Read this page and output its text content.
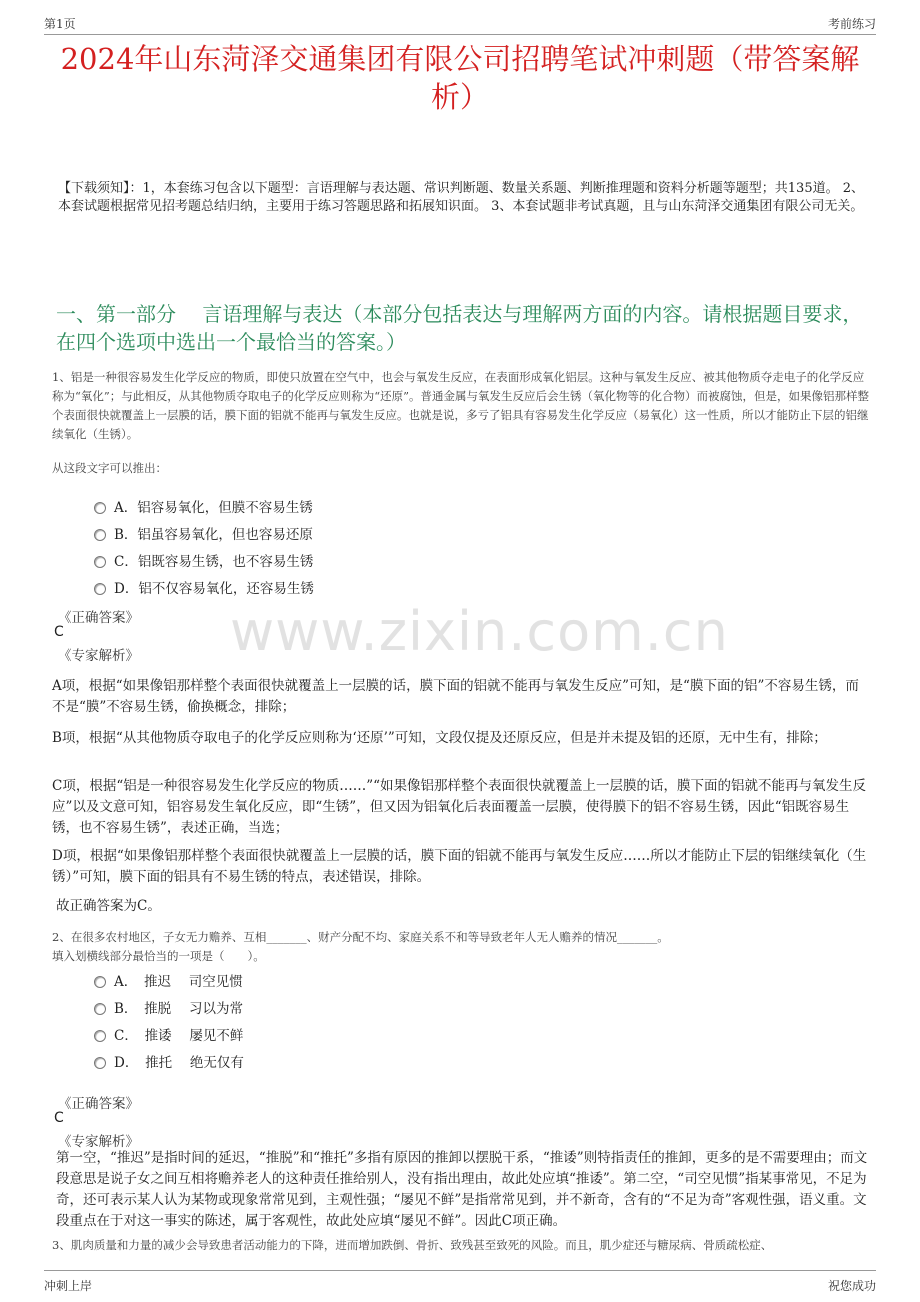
第1页	考前练习
2024年山东菏泽交通集团有限公司招聘笔试冲刺题（带答案解析）

【下载须知】：1，本套练习包含以下题型：言语理解与表达题、常识判断题、数量关系题、判断推理题和资料分析题等题型；共135道。 2、本套试题根据常见招考题总结归纳，主要用于练习答题思路和拓展知识面。 3、本套试题非考试真题，且与山东菏泽交通集团有限公司无关。

一、第一部分　 言语理解与表达（本部分包括表达与理解两方面的内容。请根据题目要求，在四个选项中选出一个最恰当的答案。）
www.zixin.com.cn

1、铝是一种很容易发生化学反应的物质，即使只放置在空气中，也会与氧发生反应，在表面形成氧化铝层。这种与氧发生反应、被其他物质夺走电子的化学反应称为“氧化”；与此相反，从其他物质夺取电子的化学反应则称为“还原”。普通金属与氧发生反应后会生锈（氧化物等的化合物）而被腐蚀，但是，如果像铝那样整个表面很快就覆盖上一层膜的话，膜下面的铝就不能再与氧发生反应。也就是说，多亏了铝具有容易发生化学反应（易氧化）这一性质，所以才能防止下层的铝继续氧化（生锈）。

从这段文字可以推出：

A．铝容易氧化，但膜不容易生锈
B．铝虽容易氧化，但也容易还原
C．铝既容易生锈，也不容易生锈
D．铝不仅容易氧化，还容易生锈
《正确答案》
C
《专家解析》

A项，根据“如果像铝那样整个表面很快就覆盖上一层膜的话，膜下面的铝就不能再与氧发生反应”可知，是“膜下面的铝”不容易生锈，而不是“膜”不容易生锈，偷换概念，排除；

B项，根据“从其他物质夺取电子的化学反应则称为‘还原’”可知，文段仅提及还原反应，但是并未提及铝的还原，无中生有，排除；

C项，根据“铝是一种很容易发生化学反应的物质……”“如果像铝那样整个表面很快就覆盖上一层膜的话，膜下面的铝就不能再与氧发生反应”以及文意可知，铝容易发生氧化反应，即“生锈”，但又因为铝氧化后表面覆盖一层膜，使得膜下的铝不容易生锈，因此“铝既容易生锈，也不容易生锈”，表述正确，当选；

D项，根据“如果像铝那样整个表面很快就覆盖上一层膜的话，膜下面的铝就不能再与氧发生反应……所以才能防止下层的铝继续氧化（生锈）”可知，膜下面的铝具有不易生锈的特点，表述错误，排除。

故正确答案为C。

2、在很多农村地区，子女无力赡养、互相_______、财产分配不均、家庭关系不和等导致老年人无人赡养的情况_______。

填入划横线部分最恰当的一项是（　　）。

A．　推迟　 司空见惯
B．　推脱　 习以为常
C．　推诿　 屡见不鲜
D．　推托　 绝无仅有
《正确答案》
C
《专家解析》

第一空，“推迟”是指时间的延迟，“推脱”和“推托”多指有原因的推卸以摆脱干系，“推诿”则特指责任的推卸，更多的是不需要理由；而文段意思是说子女之间互相将赡养老人的这种责任推给别人，没有指出理由，故此处应填“推诿”。第二空，“司空见惯”指某事常见，不足为奇，还可表示某人认为某物或现象常常见到，主观性强；“屡见不鲜”是指常常见到，并不新奇，含有的“不足为奇”客观性强，语义重。文段重点在于对这一事实的陈述，属于客观性，故此处应填“屡见不鲜”。因此C项正确。

3、肌肉质量和力量的减少会导致患者活动能力的下降，进而增加跌倒、骨折、致残甚至致死的风险。而且，肌少症还与糖尿病、骨质疏松症、

冲刺上岸	祝您成功
